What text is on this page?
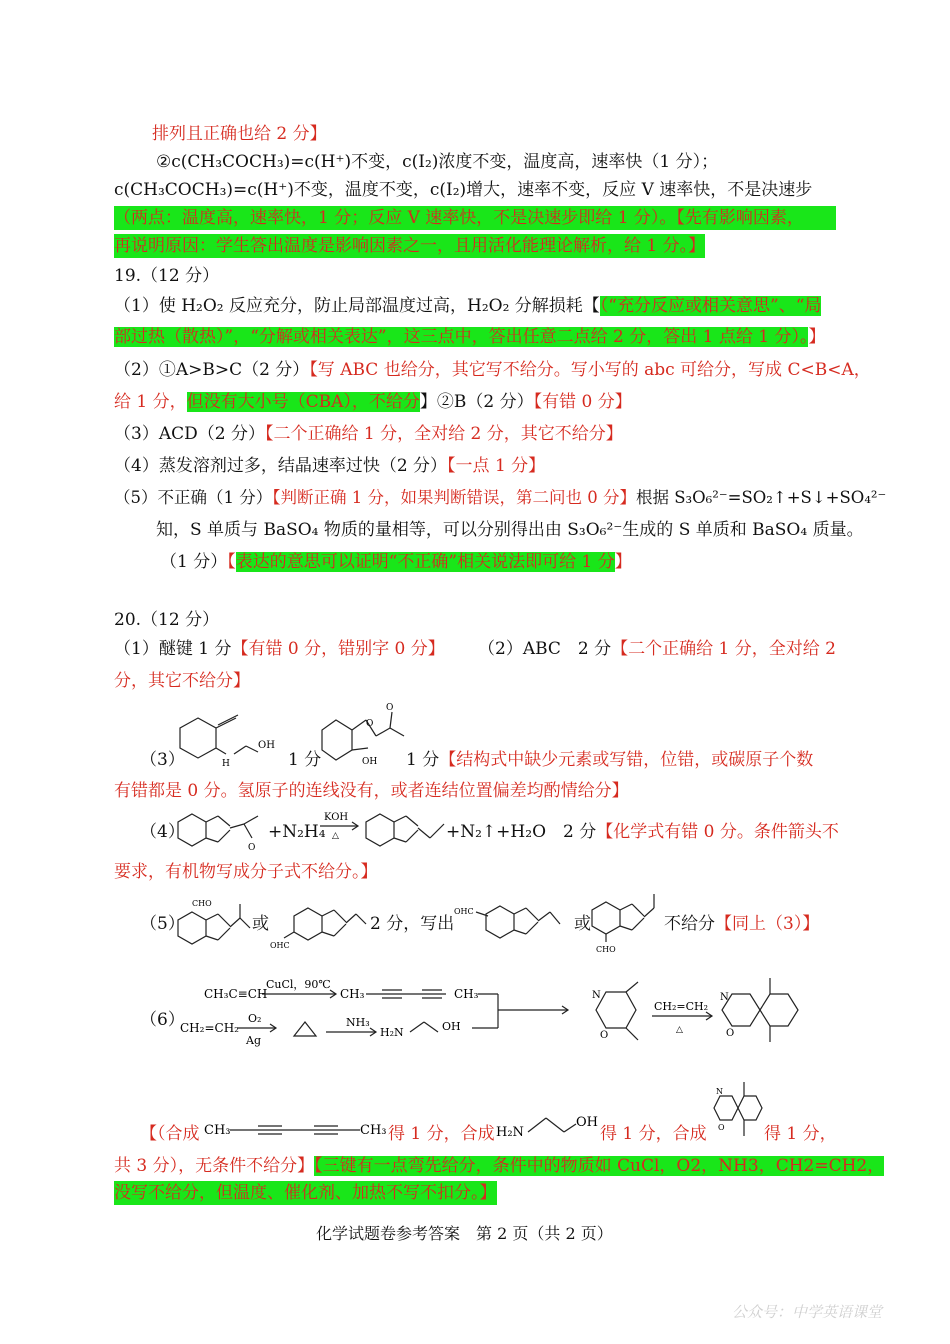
排列且正确也给 2 分】
②c(CH₃COCH₃)=c(H⁺)不变，c(I₂)浓度不变，温度高，速率快（1 分）；
c(CH₃COCH₃)=c(H⁺)不变，温度不变，c(I₂)增大，速率不变，反应 V 速率快，不是决速步
（两点：温度高，速率快，1 分；反应 V 速率快，不是决速步即给 1 分）。【先有影响因素，
再说明原因：学生答出温度是影响因素之一，且用活化能理论解析，给 1 分。】
19.（12 分）
（1）使 H₂O₂ 反应充分，防止局部温度过高，H₂O₂ 分解损耗【（“充分反应或相关意思”、“局
部过热（散热）”，“分解或相关表达”，这三点中，答出任意二点给 2 分，答出 1 点给 1 分）。】
（2）①A>B>C（2 分）【写 ABC 也给分，其它写不给分。写小写的 abc 可给分，写成 C<B<A，
给 1 分，但没有大小号（CBA），不给分】②B（2 分）【有错 0 分】
（3）ACD（2 分）【二个正确给 1 分，全对给 2 分，其它不给分】
（4）蒸发溶剂过多，结晶速率过快（2 分）【一点 1 分】
（5）不正确（1 分）【判断正确 1 分，如果判断错误，第二问也 0 分】根据 S₃O₆²⁻=SO₂↑+S↓+SO₄²⁻
知，S 单质与 BaSO₄ 物质的量相等，可以分别得出由 S₃O₆²⁻生成的 S 单质和 BaSO₄ 质量。
（1 分）【表达的意思可以证明“不正确”相关说法即可给 1 分】
20.（12 分）
（1）醚键 1 分【有错 0 分，错别字 0 分】 （2）ABC　2 分【二个正确给 1 分，全对给 2
分，其它不给分】
（3）	H
OH
1 分
O
O
OH 1 分【结构式中缺少元素或写错，位错，或碳原子个数
有错都是 0 分。氢原子的连线没有，或者连结位置偏差均酌情给分】
（4）
O
+N₂H₄
KOH
△	+N₂↑+H₂O　2 分【化学式有错 0 分。条件箭头不
要求，有机物写成分子式不给分。】
（5）
CHO
或
OHC
2 分，写出
OHC
或
CHO
不给分【同上（3）】
（6）
CH₃C≡CH
CuCl，90℃
CH₃	CH₃
CH₂=CH₂
O₂
Ag
NH₃
H₂N	OH
N
O
CH₂=CH₂
△
N
O
【（合成 CH₃	CH₃ 得 1 分，合成 H₂N
OH
得 1 分，合成
N
O 得 1 分，
共 3 分），无条件不给分】【三键有一点弯先给分，条件中的物质如 CuCl，O2，NH3，CH2=CH2，
没写不给分，但温度、催化剂、加热不写不扣分。】
化学试题卷参考答案　第 2 页（共 2 页）
公众号：中学英语课堂
